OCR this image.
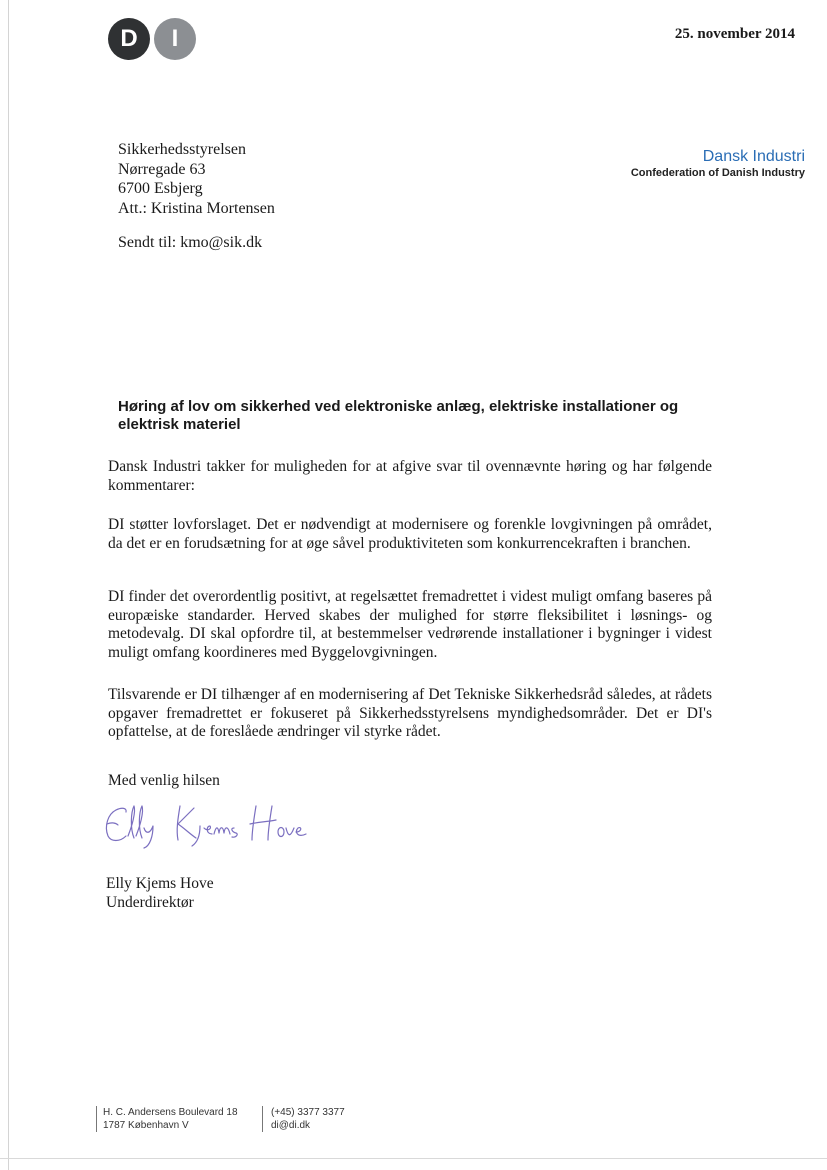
D	I	25. november 2014
Sikkerhedsstyrelsen
Nørregade 63
6700 Esbjerg
Att.: Kristina Mortensen
Sendt til: kmo@sik.dk
Dansk Industri
Confederation of Danish Industry
Høring af lov om sikkerhed ved elektroniske anlæg, elektriske installationer og elektrisk materiel
Dansk Industri takker for muligheden for at afgive svar til ovennævnte høring og har følgende kommentarer:
DI støtter lovforslaget. Det er nødvendigt at modernisere og forenkle lovgivningen på området, da det er en forudsætning for at øge såvel produktiviteten som konkurrencekraften i branchen.
DI finder det overordentlig positivt, at regelsættet fremadrettet i videst muligt omfang baseres på europæiske standarder. Herved skabes der mulighed for større fleksibilitet i løsnings- og metodevalg. DI skal opfordre til, at bestemmelser vedrørende installationer i bygninger i videst muligt omfang koordineres med Byggelovgivningen.
Tilsvarende er DI tilhænger af en modernisering af Det Tekniske Sikkerhedsråd således, at rådets opgaver fremadrettet er fokuseret på Sikkerhedsstyrelsens myndighedsområder. Det er DI's opfattelse, at de foreslåede ændringer vil styrke rådet.
Med venlig hilsen
Elly Kjems Hove
Underdirektør
H. C. Andersens Boulevard 18
1787 København V
(+45) 3377 3377
di@di.dk
